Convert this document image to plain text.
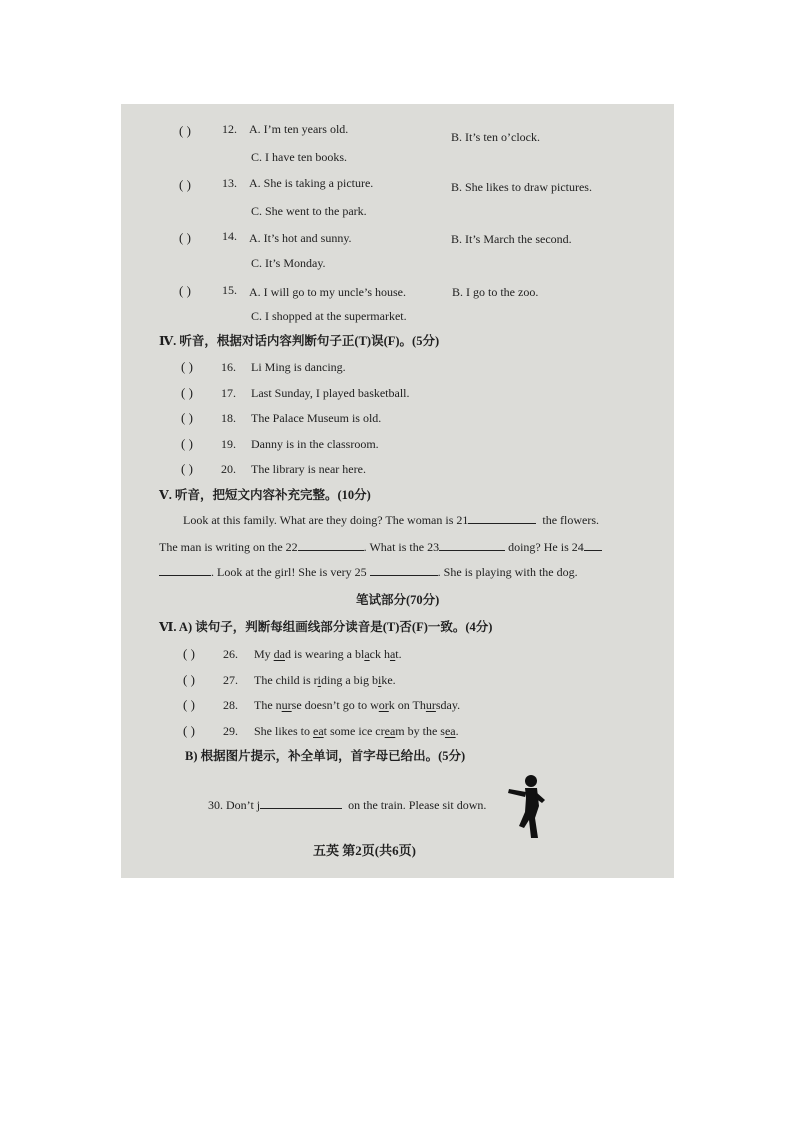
( )	12. A. I’m ten years old.
B. It’s ten o’clock.
C. I have ten books.
( )	13. A. She is taking a picture.	B. She likes to draw pictures.
C. She went to the park.
( )	14. A. It’s hot and sunny.	B. It’s March the second.
C. It’s Monday.
( )	15. A. I will go to my uncle’s house.	B. I go to the zoo.
C. I shopped at the supermarket.
Ⅳ. 听音，根据对话内容判断句子正(T)误(F)。(5分)
( ) 16. Li Ming is dancing.
( ) 17. Last Sunday, I played basketball.
( ) 18. The Palace Museum is old.
( ) 19. Danny is in the classroom.
( ) 20. The library is near here.
Ⅴ. 听音，把短文内容补充完整。(10分)
Look at this family. What are they doing? The woman is 21	the flowers.
The man is writing on the 22	. What is the 23	doing? He is 24
. Look at the girl! She is very 25	. She is playing with the dog.
笔试部分(70分)
Ⅵ. A) 读句子，判断每组画线部分读音是(T)否(F)一致。(4分)
( ) 26. My dad is wearing a black hat.
( ) 27. The child is riding a big bike.
( ) 28. The nurse doesn’t go to work on Thursday.
( ) 29. She likes to eat some ice cream by the sea.
B) 根据图片提示，补全单词，首字母已给出。(5分)
30. Don’t j	on the train. Please sit down.
五英 第2页(共6页)
